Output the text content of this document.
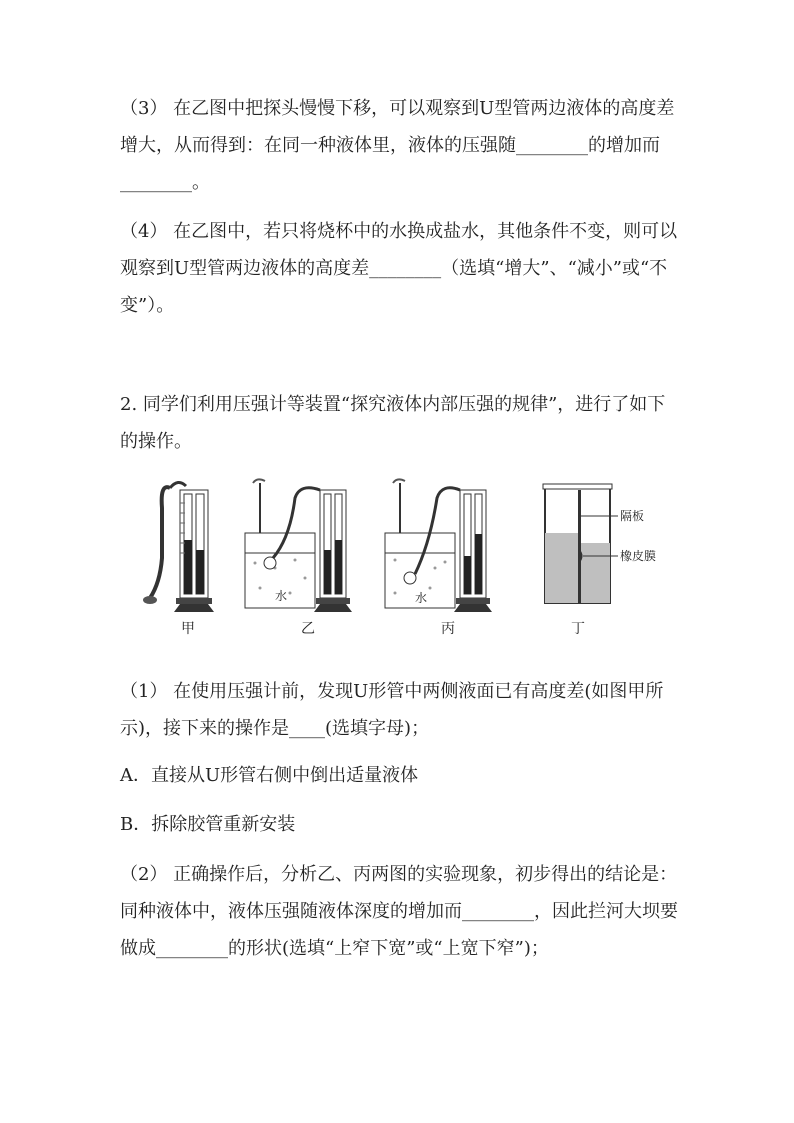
（3） 在乙图中把探头慢慢下移，可以观察到U型管两边液体的高度差增大，从而得到：在同一种液体里，液体的压强随________的增加而________。

（4） 在乙图中，若只将烧杯中的水换成盐水，其他条件不变，则可以观察到U型管两边液体的高度差________（选填“增大”、“减小”或“不变”）。

2. 同学们利用压强计等装置“探究液体内部压强的规律”，进行了如下的操作。

甲
水
乙
水
丙
隔板
橡皮膜
丁

（1） 在使用压强计前，发现U形管中两侧液面已有高度差(如图甲所示)，接下来的操作是____(选填字母)；

A．直接从U形管右侧中倒出适量液体

B．拆除胶管重新安装

（2） 正确操作后，分析乙、丙两图的实验现象，初步得出的结论是：同种液体中，液体压强随液体深度的增加而________，因此拦河大坝要做成________的形状(选填“上窄下宽”或“上宽下窄”)；
